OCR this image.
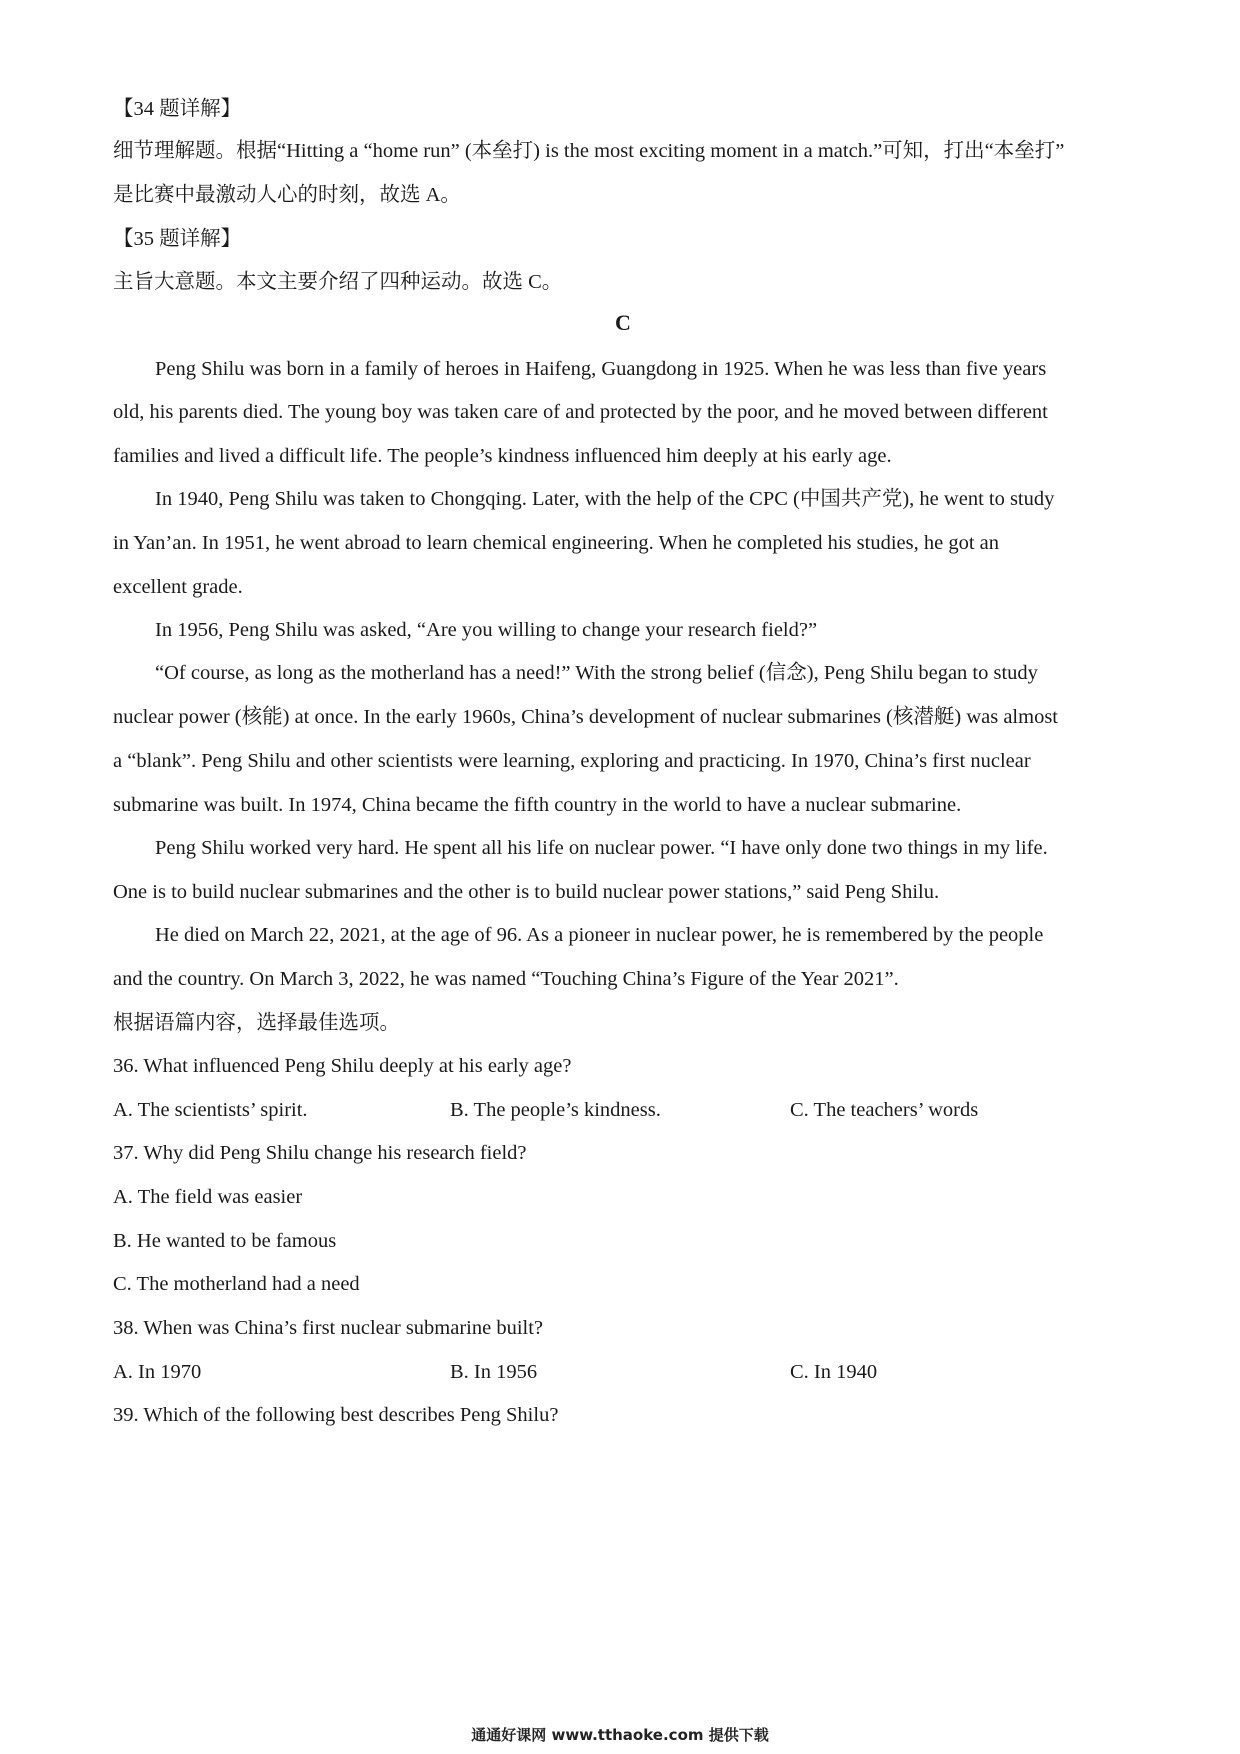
【34 题详解】
细节理解题。根据“Hitting a “home run” (本垒打) is the most exciting moment in a match.”可知，打出“本垒打”
是比赛中最激动人心的时刻，故选 A。
【35 题详解】
主旨大意题。本文主要介绍了四种运动。故选 C。
C
Peng Shilu was born in a family of heroes in Haifeng, Guangdong in 1925. When he was less than five years
old, his parents died. The young boy was taken care of and protected by the poor, and he moved between different
families and lived a difficult life. The people’s kindness influenced him deeply at his early age.
In 1940, Peng Shilu was taken to Chongqing. Later, with the help of the CPC (中国共产党), he went to study
in Yan’an. In 1951, he went abroad to learn chemical engineering. When he completed his studies, he got an
excellent grade.
In 1956, Peng Shilu was asked, “Are you willing to change your research field?”
“Of course, as long as the motherland has a need!” With the strong belief (信念), Peng Shilu began to study
nuclear power (核能) at once. In the early 1960s, China’s development of nuclear submarines (核潜艇) was almost
a “blank”. Peng Shilu and other scientists were learning, exploring and practicing. In 1970, China’s first nuclear
submarine was built. In 1974, China became the fifth country in the world to have a nuclear submarine.
Peng Shilu worked very hard. He spent all his life on nuclear power. “I have only done two things in my life.
One is to build nuclear submarines and the other is to build nuclear power stations,” said Peng Shilu.
He died on March 22, 2021, at the age of 96. As a pioneer in nuclear power, he is remembered by the people
and the country. On March 3, 2022, he was named “Touching China’s Figure of the Year 2021”.
根据语篇内容，选择最佳选项。
36. What influenced Peng Shilu deeply at his early age?
A. The scientists’ spirit.	B. The people’s kindness.	C. The teachers’ words
37. Why did Peng Shilu change his research field?
A. The field was easier
B. He wanted to be famous
C. The motherland had a need
38. When was China’s first nuclear submarine built?
A. In 1970	B. In 1956	C. In 1940
39. Which of the following best describes Peng Shilu?
通通好课网 www.tthaoke.com 提供下载
